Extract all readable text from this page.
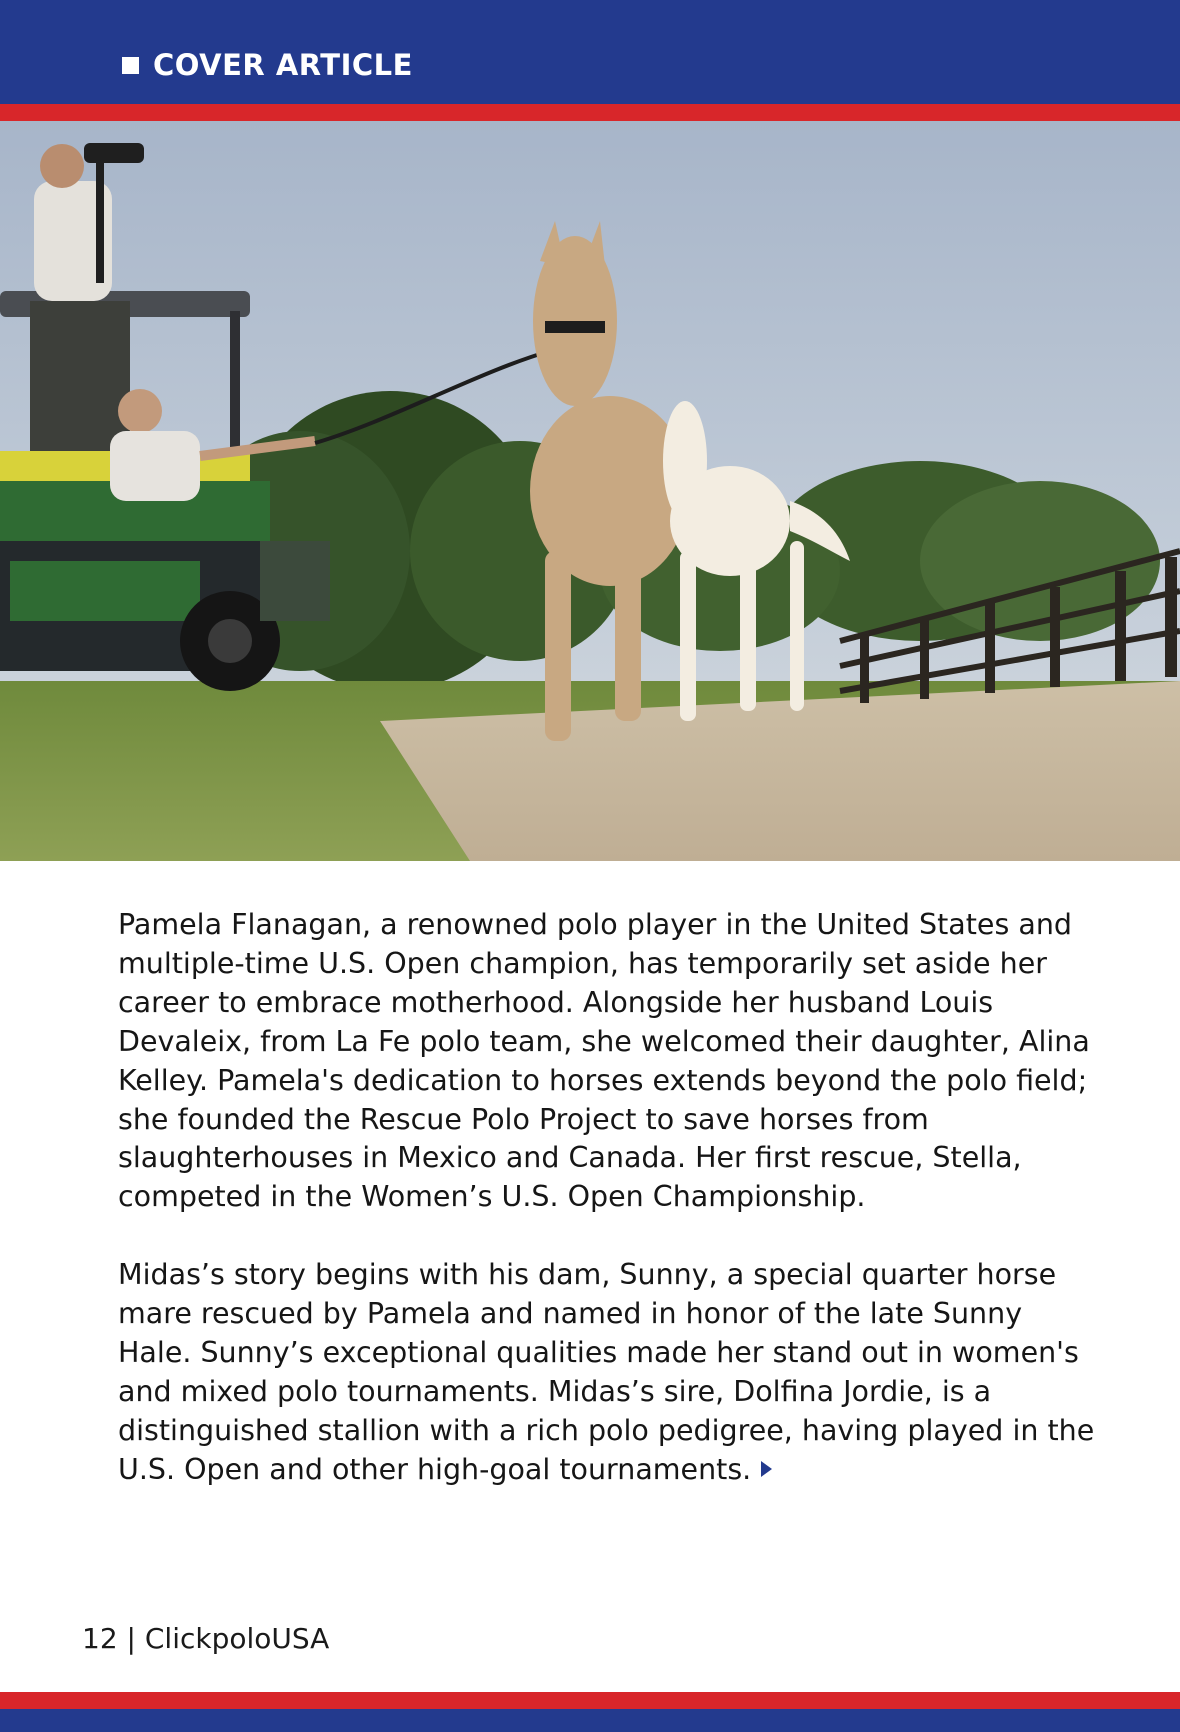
COVER ARTICLE

Pamela Flanagan, a renowned polo player in the United States and multiple-time U.S. Open champion, has temporarily set aside her career to embrace motherhood. Alongside her husband Louis Devaleix, from La Fe polo team, she welcomed their daughter, Alina Kelley. Pamela's dedication to horses extends beyond the polo field; she founded the Rescue Polo Project to save horses from slaughterhouses in Mexico and Canada. Her first rescue, Stella, competed in the Women’s U.S. Open Championship.

Midas’s story begins with his dam, Sunny, a special quarter horse mare rescued by Pamela and named in honor of the late Sunny Hale. Sunny’s exceptional qualities made her stand out in women's and mixed polo tournaments. Midas’s sire, Dolfina Jordie, is a distinguished stallion with a rich polo pedigree, having played in the U.S. Open and other high-goal tournaments.

12 | ClickpoloUSA
